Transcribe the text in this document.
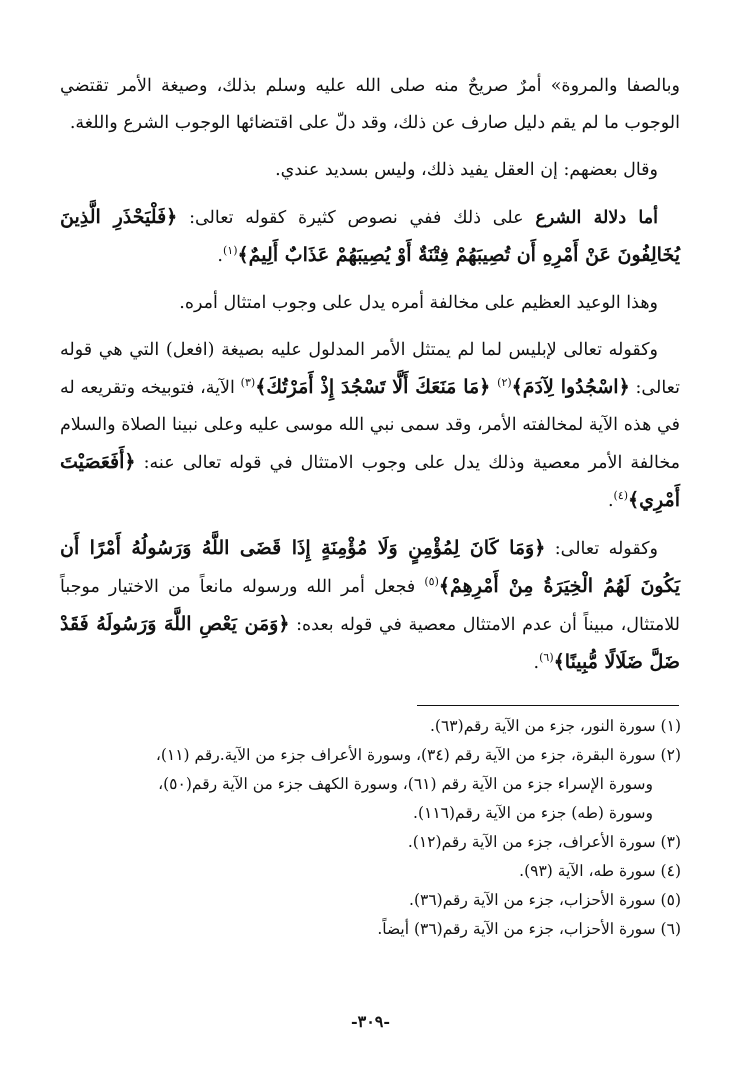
وبالصفا والمروة» أمرٌ صريحٌ منه صلى الله عليه وسلم بذلك، وصيغة الأمر تقتضي الوجوب ما لم يقم دليل صارف عن ذلك، وقد دلّ على اقتضائها الوجوب الشرع واللغة.

وقال بعضهم: إن العقل يفيد ذلك، وليس بسديد عندي.

أما دلالة الشرع على ذلك ففي نصوص كثيرة كقوله تعالى: ﴿فَلْيَحْذَرِ الَّذِينَ يُخَالِفُونَ عَنْ أَمْرِهِ أَن تُصِيبَهُمْ فِتْنَةٌ أَوْ يُصِيبَهُمْ عَذَابٌ أَلِيمٌ﴾$^{(١)}$.

وهذا الوعيد العظيم على مخالفة أمره يدل على وجوب امتثال أمره.

وكقوله تعالى لإبليس لما لم يمتثل الأمر المدلول عليه بصيغة (افعل) التي هي قوله تعالى: ﴿اسْجُدُوا لِآدَمَ﴾$^{(٢)}$ ﴿مَا مَنَعَكَ أَلَّا تَسْجُدَ إِذْ أَمَرْتُكَ﴾$^{(٣)}$ الآية، فتوبيخه وتقريعه له في هذه الآية لمخالفته الأمر، وقد سمى نبي الله موسى عليه وعلى نبينا الصلاة والسلام مخالفة الأمر معصية وذلك يدل على وجوب الامتثال في قوله تعالى عنه: ﴿أَفَعَصَيْتَ أَمْرِي﴾$^{(٤)}$.

وكقوله تعالى: ﴿وَمَا كَانَ لِمُؤْمِنٍ وَلَا مُؤْمِنَةٍ إِذَا قَضَى اللَّهُ وَرَسُولُهُ أَمْرًا أَن يَكُونَ لَهُمُ الْخِيَرَةُ مِنْ أَمْرِهِمْ﴾$^{(٥)}$ فجعل أمر الله ورسوله مانعاً من الاختيار موجباً للامتثال، مبيناً أن عدم الامتثال معصية في قوله بعده: ﴿وَمَن يَعْصِ اللَّهَ وَرَسُولَهُ فَقَدْ ضَلَّ ضَلَالًا مُّبِينًا﴾$^{(٦)}$.

(١) سورة النور، جزء من الآية رقم(٦٣).
(٢) سورة البقرة، جزء من الآية رقم (٣٤)، وسورة الأعراف جزء من الآية.رقم (١١)،
وسورة الإسراء جزء من الآية رقم (٦١)، وسورة الكهف جزء من الآية رقم(٥٠)،
وسورة (طه) جزء من الآية رقم(١١٦).
(٣) سورة الأعراف، جزء من الآية رقم(١٢).
(٤) سورة طه، الآية (٩٣).
(٥) سورة الأحزاب، جزء من الآية رقم(٣٦).
(٦) سورة الأحزاب، جزء من الآية رقم(٣٦) أيضاً.
-٣٠٩-
